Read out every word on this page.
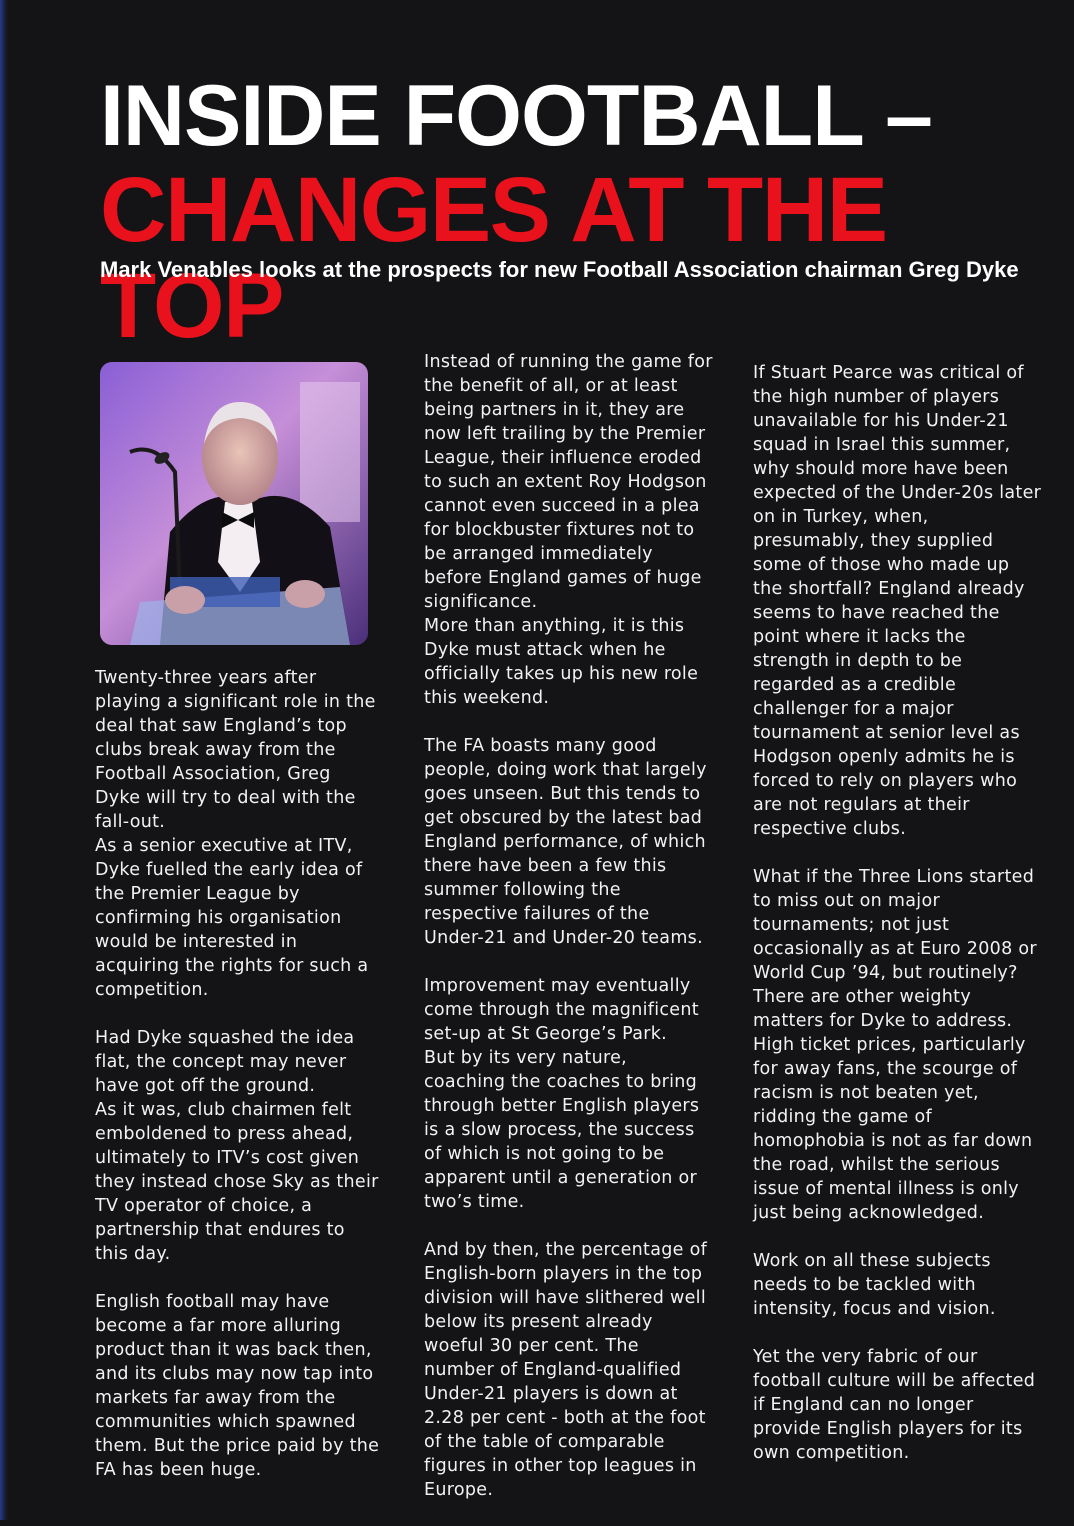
INSIDE FOOTBALL –
CHANGES AT THE TOP

Mark Venables looks at the prospects for new Football Association chairman Greg Dyke

Twenty-three years after playing a significant role in the deal that saw England’s top clubs break away from the Football Association, Greg Dyke will try to deal with the fall-out.

As a senior executive at ITV, Dyke fuelled the early idea of the Premier League by confirming his organisation would be interested in acquiring the rights for such a competition.

Had Dyke squashed the idea flat, the concept may never have got off the ground.

As it was, club chairmen felt emboldened to press ahead, ultimately to ITV’s cost given they instead chose Sky as their TV operator of choice, a partnership that endures to this day.

English football may have become a far more alluring product than it was back then, and its clubs may now tap into markets far away from the communities which spawned them. But the price paid by the FA has been huge.

Instead of running the game for the benefit of all, or at least being partners in it, they are now left trailing by the Premier League, their influence eroded to such an extent Roy Hodgson cannot even succeed in a plea for blockbuster fixtures not to be arranged immediately before England games of huge significance.

More than anything, it is this Dyke must attack when he officially takes up his new role this weekend.

The FA boasts many good people, doing work that largely goes unseen. But this tends to get obscured by the latest bad England performance, of which there have been a few this summer following the respective failures of the Under-21 and Under-20 teams.

Improvement may eventually come through the magnificent set-up at St George’s Park.

But by its very nature, coaching the coaches to bring through better English players is a slow process, the success of which is not going to be apparent until a generation or two’s time.

And by then, the percentage of English-born players in the top division will have slithered well below its present already woeful 30 per cent. The number of England-qualified Under-21 players is down at 2.28 per cent - both at the foot of the table of comparable figures in other top leagues in Europe.

If Stuart Pearce was critical of the high number of players unavailable for his Under-21 squad in Israel this summer, why should more have been expected of the Under-20s later on in Turkey, when, presumably, they supplied some of those who made up the shortfall? England already seems to have reached the point where it lacks the strength in depth to be regarded as a credible challenger for a major tournament at senior level as Hodgson openly admits he is forced to rely on players who are not regulars at their respective clubs.

What if the Three Lions started to miss out on major tournaments; not just occasionally as at Euro 2008 or World Cup ’94, but routinely? There are other weighty matters for Dyke to address. High ticket prices, particularly for away fans, the scourge of racism is not beaten yet, ridding the game of homophobia is not as far down the road, whilst the serious issue of mental illness is only just being acknowledged.

Work on all these subjects needs to be tackled with intensity, focus and vision.

Yet the very fabric of our football culture will be affected if England can no longer provide English players for its own competition.
